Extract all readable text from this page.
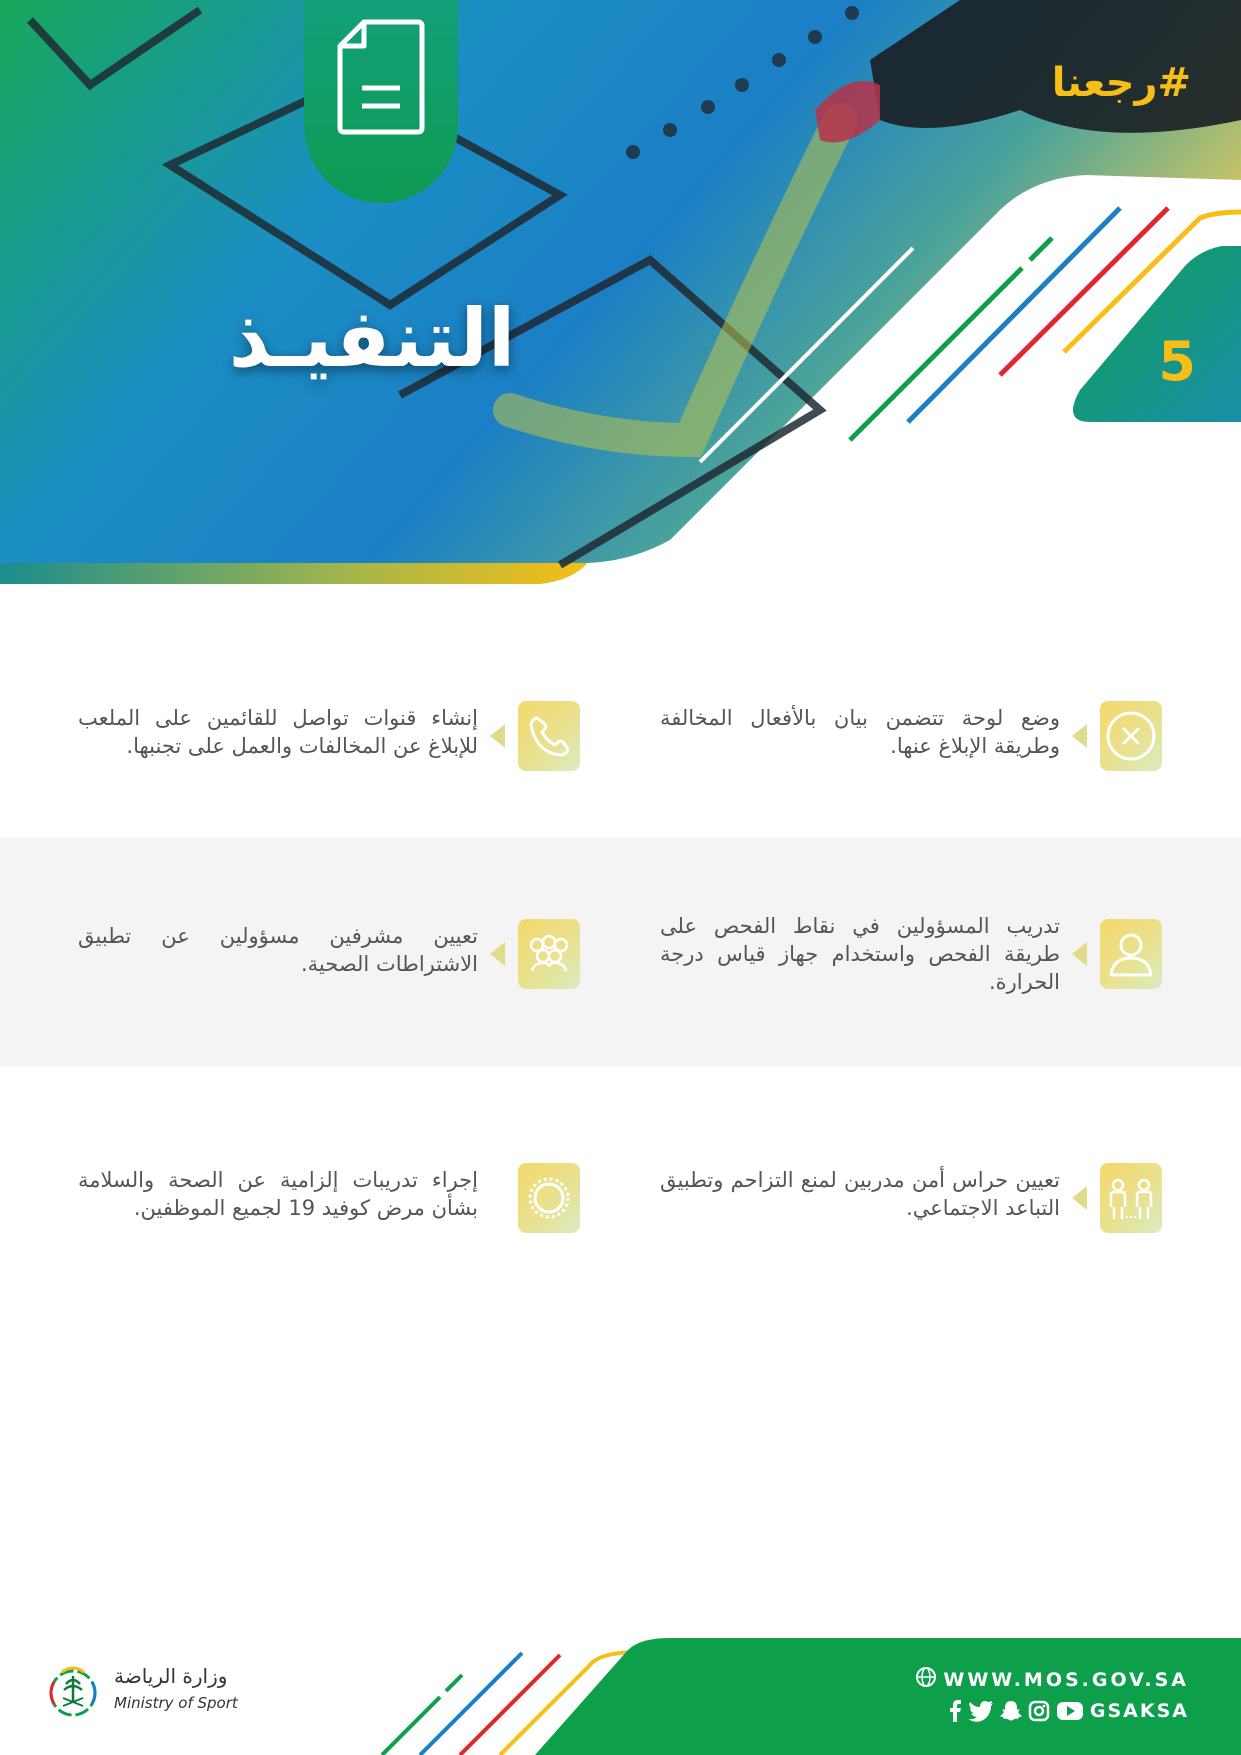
#رجعنا
التنفيـذ	5
وضع لوحة تتضمن بيان بالأفعال المخالفة وطريقة الإبلاغ عنها.
إنشاء قنوات تواصل للقائمين على الملعب للإبلاغ عن المخالفات والعمل على تجنبها.
تدريب المسؤولين في نقاط الفحص على طريقة الفحص واستخدام جهاز قياس درجة الحرارة.
تعيين مشرفين مسؤولين عن تطبيق الاشتراطات الصحية.
تعيين حراس أمن مدربين لمنع التزاحم وتطبيق التباعد الاجتماعي.
إجراء تدريبات إلزامية عن الصحة والسلامة بشأن مرض كوفيد 19 لجميع الموظفين.
WWW.MOS.GOV.SA
GSAKSA
وزارة الرياضة
Ministry of Sport
